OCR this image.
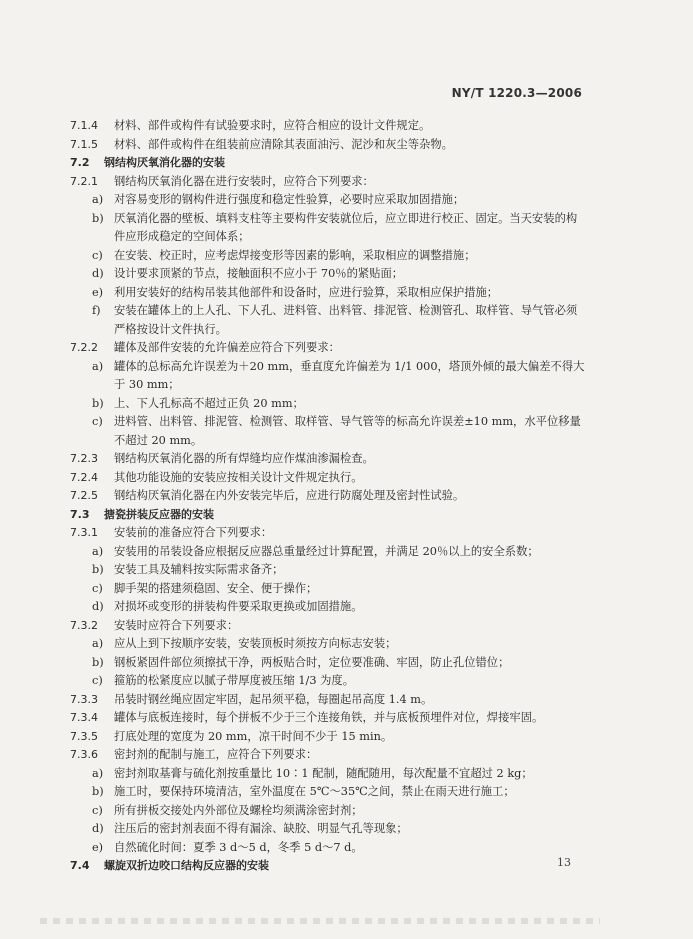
NY/T 1220.3—2006
7.1.4 材料、部件或构件有试验要求时，应符合相应的设计文件规定。
7.1.5 材料、部件或构件在组装前应清除其表面油污、泥沙和灰尘等杂物。
7.2 钢结构厌氧消化器的安装
7.2.1 钢结构厌氧消化器在进行安装时，应符合下列要求：
a) 对容易变形的钢构件进行强度和稳定性验算，必要时应采取加固措施；
b) 厌氧消化器的壁板、填料支柱等主要构件安装就位后，应立即进行校正、固定。当天安装的构件应形成稳定的空间体系；
c) 在安装、校正时，应考虑焊接变形等因素的影响，采取相应的调整措施；
d) 设计要求顶紧的节点，接触面积不应小于 70％的紧贴面；
e) 利用安装好的结构吊装其他部件和设备时，应进行验算，采取相应保护措施；
f) 安装在罐体上的上人孔、下人孔、进料管、出料管、排泥管、检测管孔、取样管、导气管必须严格按设计文件执行。
7.2.2 罐体及部件安装的允许偏差应符合下列要求：
a) 罐体的总标高允许误差为＋20 mm，垂直度允许偏差为 1/1 000，塔顶外倾的最大偏差不得大于 30 mm；
b) 上、下人孔标高不超过正负 20 mm；
c) 进料管、出料管、排泥管、检测管、取样管、导气管等的标高允许误差±10 mm，水平位移量不超过 20 mm。
7.2.3 钢结构厌氧消化器的所有焊缝均应作煤油渗漏检查。
7.2.4 其他功能设施的安装应按相关设计文件规定执行。
7.2.5 钢结构厌氧消化器在内外安装完毕后，应进行防腐处理及密封性试验。
7.3 搪瓷拼装反应器的安装
7.3.1 安装前的准备应符合下列要求：
a) 安装用的吊装设备应根据反应器总重量经过计算配置，并满足 20％以上的安全系数；
b) 安装工具及辅料按实际需求备齐；
c) 脚手架的搭建须稳固、安全、便于操作；
d) 对损坏或变形的拼装构件要采取更换或加固措施。
7.3.2 安装时应符合下列要求：
a) 应从上到下按顺序安装，安装顶板时须按方向标志安装；
b) 钢板紧固件部位须擦拭干净，两板贴合时，定位要准确、牢固，防止孔位错位；
c) 箍筋的松紧度应以腻子带厚度被压缩 1/3 为度。
7.3.3 吊装时钢丝绳应固定牢固，起吊须平稳，每圈起吊高度 1.4 m。
7.3.4 罐体与底板连接时，每个拼板不少于三个连接角铁，并与底板预埋件对位，焊接牢固。
7.3.5 打底处理的宽度为 20 mm，凉干时间不少于 15 min。
7.3.6 密封剂的配制与施工，应符合下列要求：
a) 密封剂取基膏与硫化剂按重量比 10∶1 配制，随配随用，每次配量不宜超过 2 kg；
b) 施工时，要保持环境清洁，室外温度在 5℃～35℃之间，禁止在雨天进行施工；
c) 所有拼板交接处内外部位及螺栓均须满涂密封剂；
d) 注压后的密封剂表面不得有漏涂、缺胶、明显气孔等现象；
e) 自然硫化时间：夏季 3 d～5 d，冬季 5 d～7 d。
7.4 螺旋双折边咬口结构反应器的安装	13
